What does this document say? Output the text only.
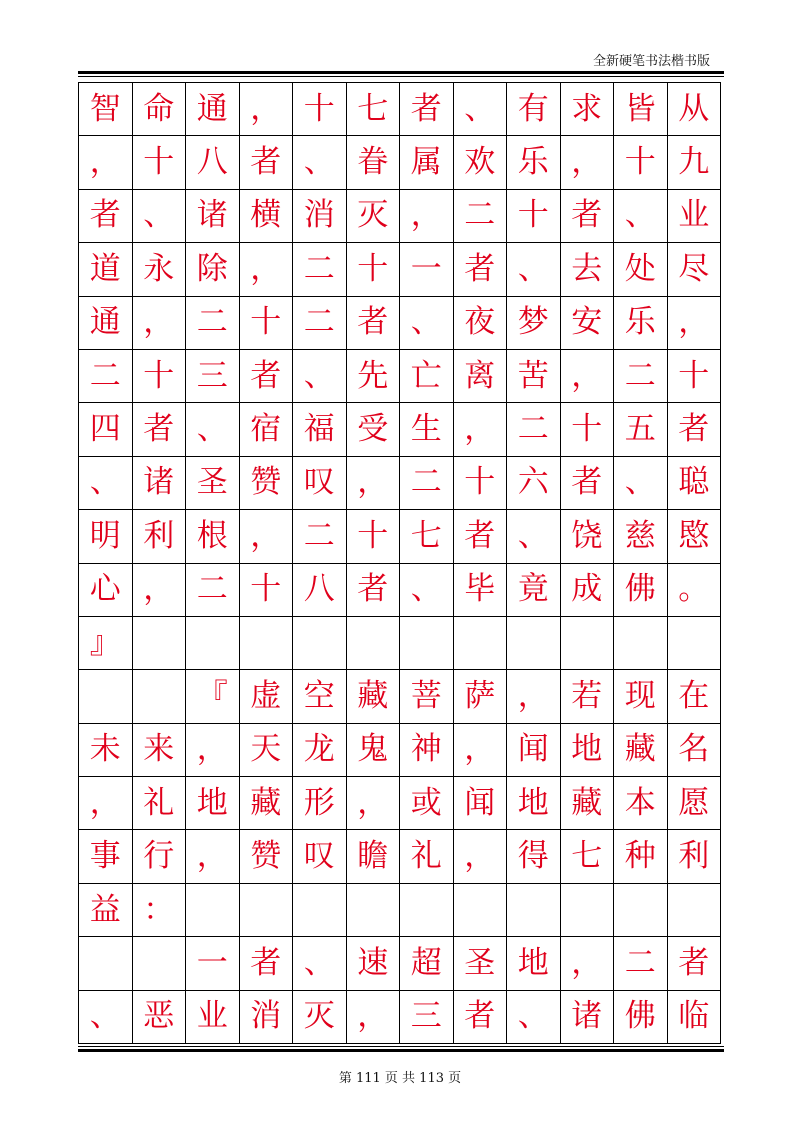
全新硬笔书法楷书版
智 命 通 ， 十 七 者 、 有 求 皆 从
， 十 八 者 、 眷 属 欢 乐 ， 十 九
者 、 诸 横 消 灭 ， 二 十 者 、 业
道 永 除 ， 二 十 一 者 、 去 处 尽
通 ， 二 十 二 者 、 夜 梦 安 乐 ，
二 十 三 者 、 先 亡 离 苦 ， 二 十
四 者 、 宿 福 受 生 ， 二 十 五 者
、 诸 圣 赞 叹 ， 二 十 六 者 、 聪
明 利 根 ， 二 十 七 者 、 饶 慈 愍
心 ， 二 十 八 者 、 毕 竟 成 佛 。
』
『 虚 空 藏 菩 萨 ， 若 现 在
未 来 ， 天 龙 鬼 神 ， 闻 地 藏 名
， 礼 地 藏 形 ， 或 闻 地 藏 本 愿
事 行 ， 赞 叹 瞻 礼 ， 得 七 种 利
益 ：
一 者 、 速 超 圣 地 ， 二 者
、 恶 业 消 灭 ， 三 者 、 诸 佛 临
第 111 页 共 113 页
